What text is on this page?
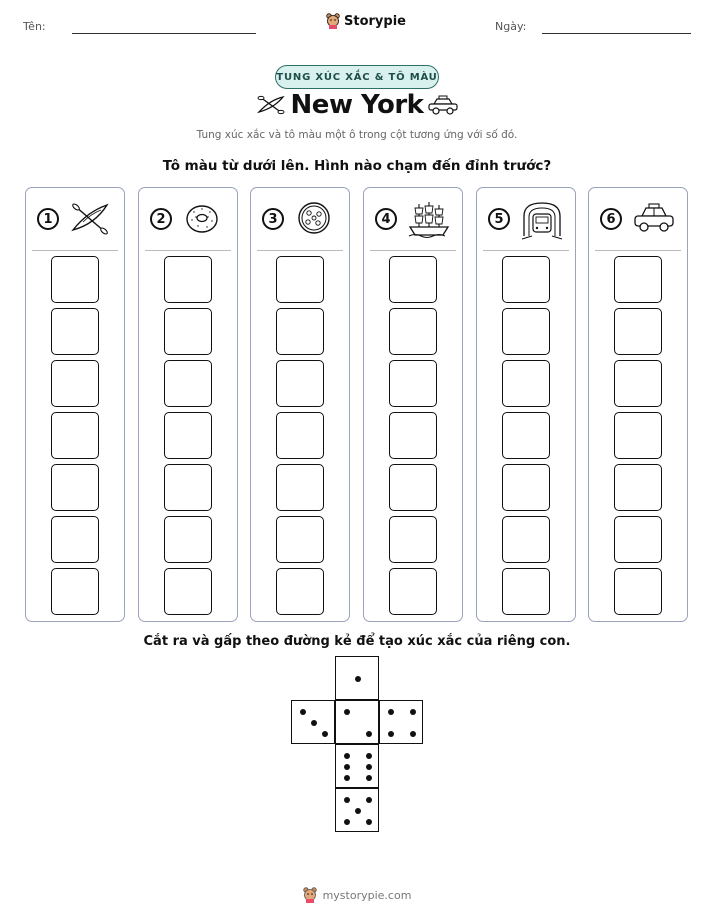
Tên:	Storypie	Ngày:
TUNG XÚC XẮC & TÔ MÀU
New York
Tung xúc xắc và tô màu một ô trong cột tương ứng với số đó.
Tô màu từ dưới lên. Hình nào chạm đến đỉnh trước?
1	2	3	4	5	6
Cắt ra và gấp theo đường kẻ để tạo xúc xắc của riêng con.
mystorypie.com
